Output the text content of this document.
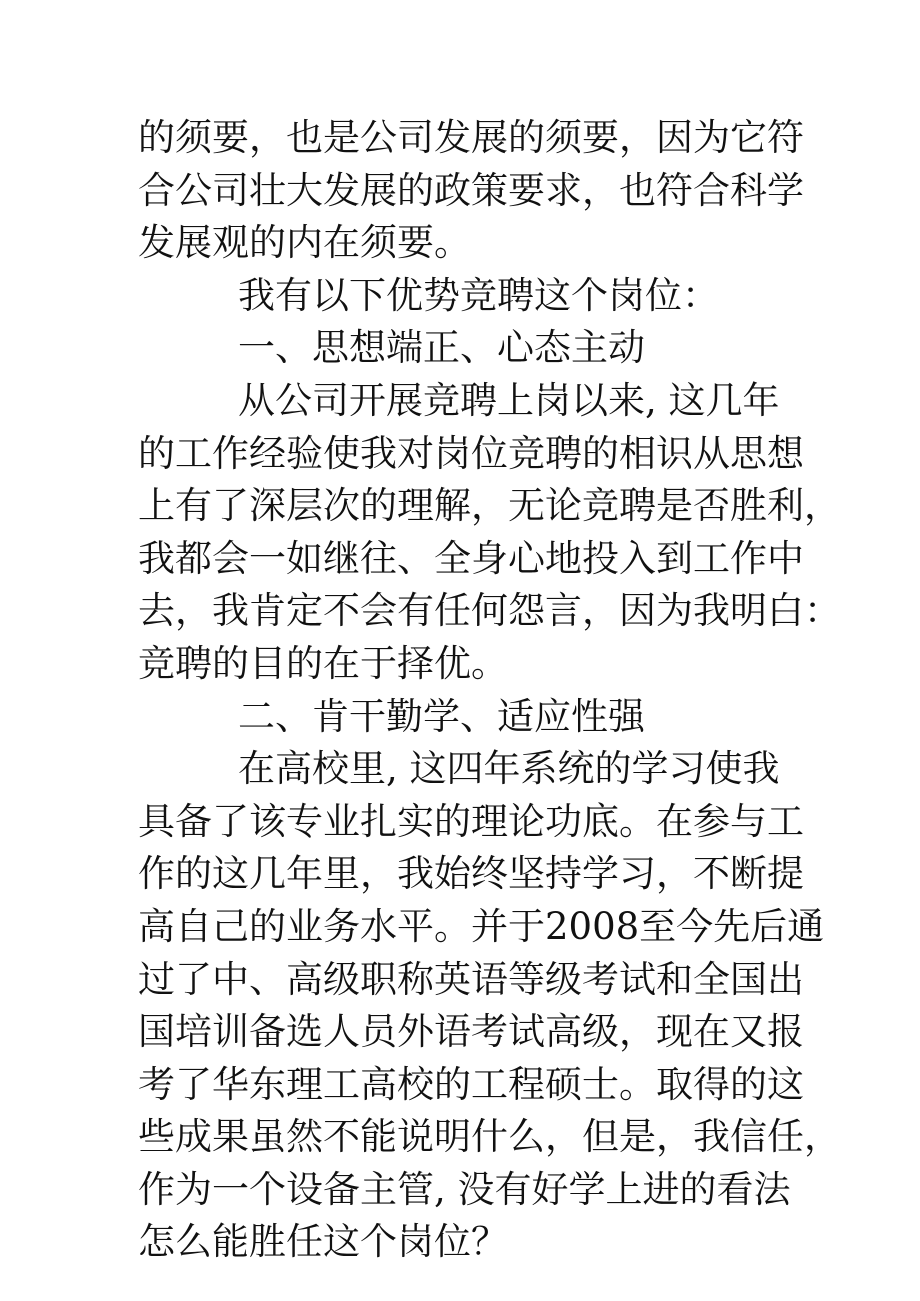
的须要，也是公司发展的须要，因为它符
合公司壮大发展的政策要求，也符合科学
发展观的内在须要。
我有以下优势竞聘这个岗位：
一、思想端正、心态主动
从公司开展竞聘上岗以来, 这几年
的工作经验使我对岗位竞聘的相识从思想
上有了深层次的理解，无论竞聘是否胜利，
我都会一如继往、全身心地投入到工作中
去，我肯定不会有任何怨言，因为我明白：
竞聘的目的在于择优。
二、肯干勤学、适应性强
在高校里, 这四年系统的学习使我
具备了该专业扎实的理论功底。在参与工
作的这几年里，我始终坚持学习，不断提
高自己的业务水平。并于2008至今先后通
过了中、高级职称英语等级考试和全国出
国培训备选人员外语考试高级，现在又报
考了华东理工高校的工程硕士。取得的这
些成果虽然不能说明什么，但是，我信任，
作为一个设备主管, 没有好学上进的看法
怎么能胜任这个岗位？
